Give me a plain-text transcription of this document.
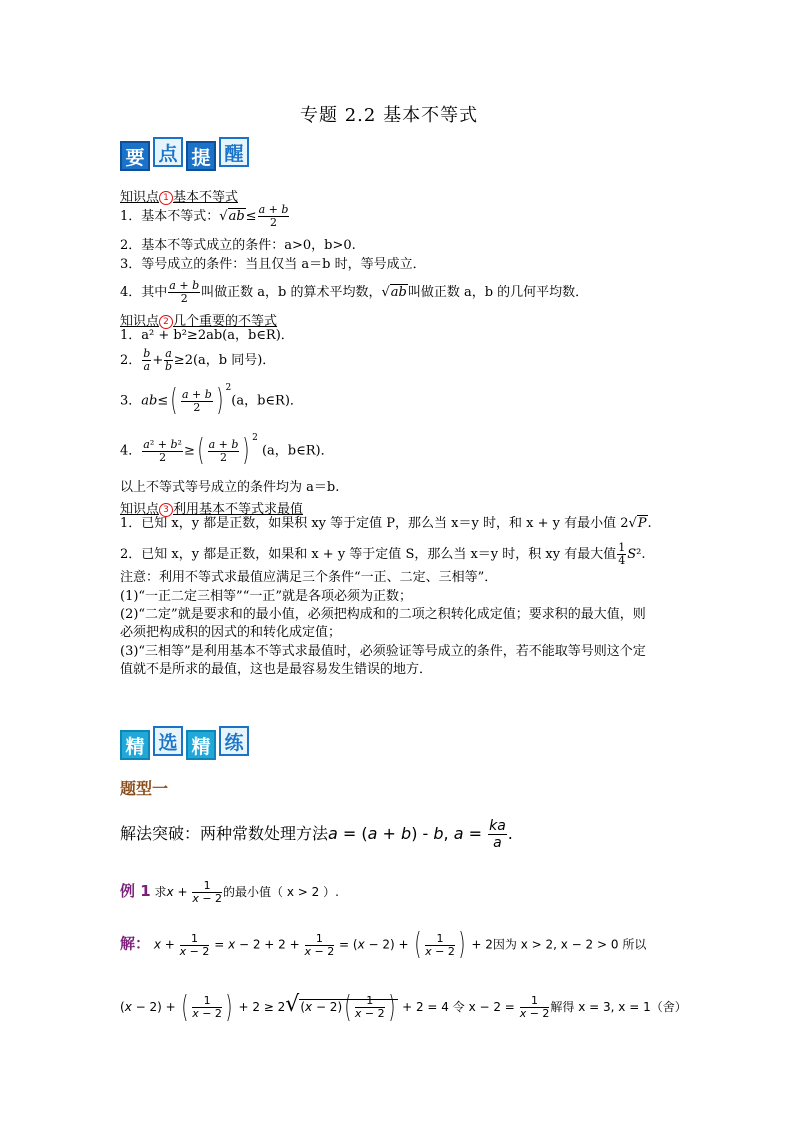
专题 2.2 基本不等式
要 点 提 醒
知识点 1 基本不等式
1．基本不等式：$√ab\le \frac{a + b}{2}$
2．基本不等式成立的条件：a>0，b>0.
3．等号成立的条件：当且仅当 a＝b 时，等号成立．
4．其中 $\frac{a + b}{2}$ 叫做正数 a，b 的算术平均数，√ab叫做正数 a，b 的几何平均数．
知识点 2 几个重要的不等式
1．a² + b²≥2ab(a，b∈R)．
2． $\frac{b}{a} + \frac{a}{b} \ge 2(a$，b 同号)．
3．$ab\le( \frac{a + b}{2}$ ) $^2$(a，b∈R)．
4． $\frac{\text{a² + b²}}{2}$ ≥( $\frac{a + b}{2}$ ) $^2$ (a，b∈R)．
以上不等式等号成立的条件均为 a＝b.
知识点 3 利用基本不等式求最值
1．已知 x，y 都是正数，如果积 xy 等于定值 P，那么当 x＝y 时，和 x + y 有最小值 2√P.
2．已知 x，y 都是正数，如果和 x + y 等于定值 S，那么当 x＝y 时，积 xy 有最大值 $\frac{1}{4} S^2$.
注意：利用不等式求最值应满足三个条件“一正、二定、三相等”．
(1)“一正二定三相等”“一正”就是各项必须为正数；
(2)“二定”就是要求和的最小值，必须把构成和的二项之积转化成定值；要求积的最大值，则
必须把构成积的因式的和转化成定值；
(3)“三相等”是利用基本不等式求最值时，必须验证等号成立的条件，若不能取等号则这个定
值就不是所求的最值，这也是最容易发生错误的地方．
精 选 精 练
题型一
解法突破：两种常数处理方法a = (a + b) - b, $a = \frac{ka}{a}$ .
例 1 求$x + \frac{1}{x - 2}$ 的最小值（ x > 2 ）.
解： $x + \frac{1}{x - 2} = x - 2 + 2 + \frac{1}{x - 2} = (x - 2)$ + ( $\frac{1}{x - 2}$ ) + 2因为 x > 2, x − 2 > 0 所以
(x − 2) + ( $\frac{1}{x - 2}$ ) + $2 \ge 2√(x - 2)( \frac{1}{x - 2}$ ) + 2 = 4 令 $x - 2 = \frac{1}{x - 2}$ 解得 x = 3, x = 1（舍）
